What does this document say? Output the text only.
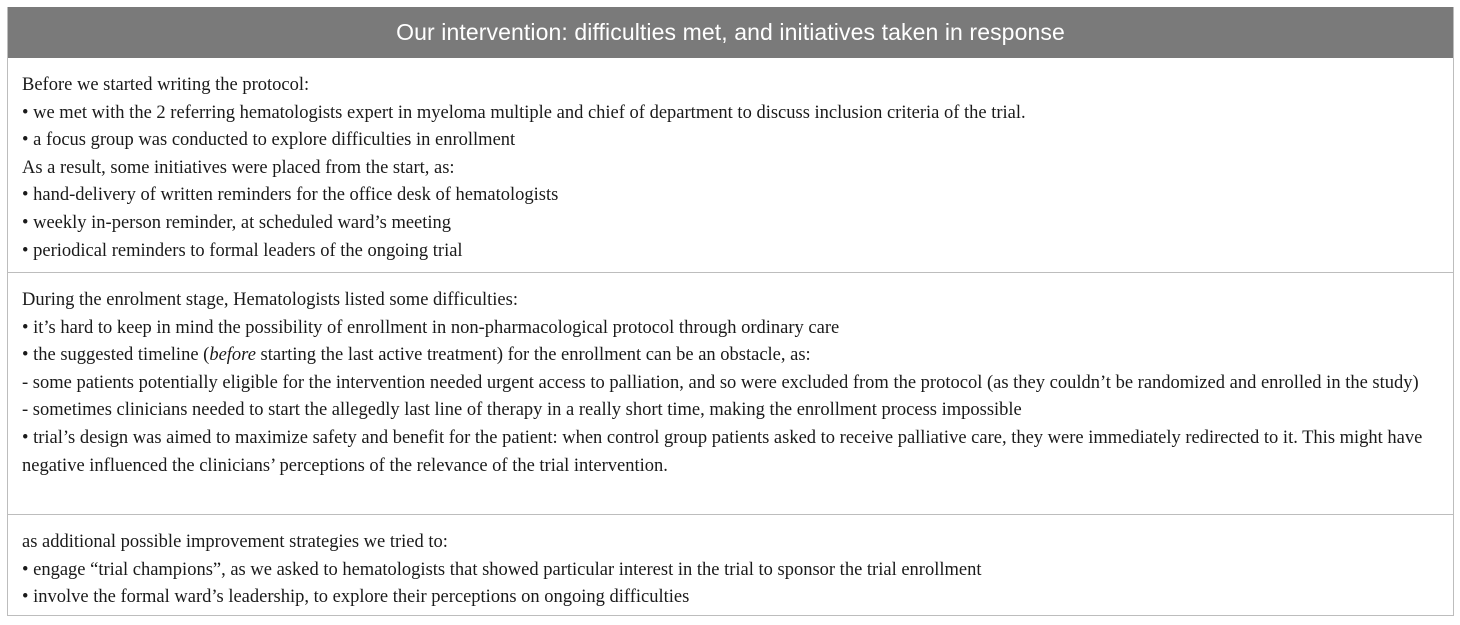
Our intervention: difficulties met, and initiatives taken in response
Before we started writing the protocol:
• we met with the 2 referring hematologists expert in myeloma multiple and chief of department to discuss inclusion criteria of the trial.
• a focus group was conducted to explore difficulties in enrollment
As a result, some initiatives were placed from the start, as:
• hand-delivery of written reminders for the office desk of hematologists
• weekly in-person reminder, at scheduled ward’s meeting
• periodical reminders to formal leaders of the ongoing trial
During the enrolment stage, Hematologists listed some difficulties:
• it’s hard to keep in mind the possibility of enrollment in non-pharmacological protocol through ordinary care
• the suggested timeline (before starting the last active treatment) for the enrollment can be an obstacle, as:
- some patients potentially eligible for the intervention needed urgent access to palliation, and so were excluded from the protocol (as they couldn’t be randomized and enrolled in the study)
- sometimes clinicians needed to start the allegedly last line of therapy in a really short time, making the enrollment process impossible
• trial’s design was aimed to maximize safety and benefit for the patient: when control group patients asked to receive palliative care, they were immediately redirected to it. This might have negative influenced the clinicians’ perceptions of the relevance of the trial intervention.
as additional possible improvement strategies we tried to:
• engage “trial champions”, as we asked to hematologists that showed particular interest in the trial to sponsor the trial enrollment
• involve the formal ward’s leadership, to explore their perceptions on ongoing difficulties
